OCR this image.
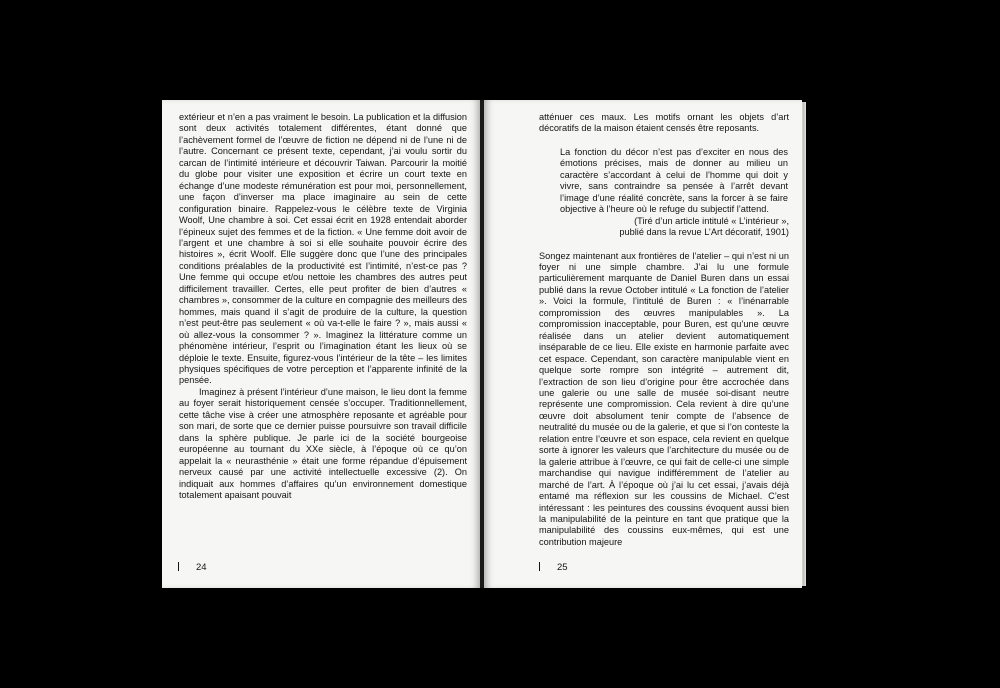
extérieur et n’en a pas vraiment le besoin. La publication et la diffusion sont deux activités totalement différentes, étant donné que l’achèvement formel de l’œuvre de fiction ne dépend ni de l’une ni de l’autre. Concernant ce présent texte, cependant, j’ai voulu sortir du carcan de l’intimité intérieure et découvrir Taiwan. Parcourir la moitié du globe pour visiter une exposition et écrire un court texte en échange d’une modeste rémunération est pour moi, personnellement, une façon d’inverser ma place imaginaire au sein de cette configuration binaire. Rappelez-vous le célèbre texte de Virginia Woolf, Une chambre à soi. Cet essai écrit en 1928 entendait aborder l’épineux sujet des femmes et de la fiction. « Une femme doit avoir de l’argent et une chambre à soi si elle souhaite pouvoir écrire des histoires », écrit Woolf. Elle suggère donc que l’une des principales conditions préalables de la productivité est l’intimité, n’est-ce pas ? Une femme qui occupe et/ou nettoie les chambres des autres peut difficilement travailler. Certes, elle peut profiter de bien d’autres « chambres », consommer de la culture en compagnie des meilleurs des hommes, mais quand il s’agit de produire de la culture, la question n’est peut-être pas seulement « où va-t-elle le faire ? », mais aussi « où allez-vous la consommer ? ». Imaginez la littérature comme un phénomène intérieur, l’esprit ou l’imagination étant les lieux où se déploie le texte. Ensuite, figurez-vous l’intérieur de la tête – les limites physiques spécifiques de votre perception et l’apparente infinité de la pensée.

Imaginez à présent l’intérieur d’une maison, le lieu dont la femme au foyer serait historiquement censée s’occuper. Traditionnellement, cette tâche vise à créer une atmosphère reposante et agréable pour son mari, de sorte que ce dernier puisse poursuivre son travail difficile dans la sphère publique. Je parle ici de la société bourgeoise européenne au tournant du XXe siècle, à l’époque où ce qu’on appelait la « neurasthénie » était une forme répandue d’épuisement nerveux causé par une activité intellectuelle excessive (2). On indiquait aux hommes d’affaires qu’un environnement domestique totalement apaisant pouvait

24

atténuer ces maux. Les motifs ornant les objets d’art décoratifs de la maison étaient censés être reposants.

La fonction du décor n’est pas d’exciter en nous des émotions précises, mais de donner au milieu un caractère s’accordant à celui de l’homme qui doit y vivre, sans contraindre sa pensée à l’arrêt devant l’image d’une réalité concrète, sans la forcer à se faire objective à l’heure où le refuge du subjectif l’attend.

(Tiré d’un article intitulé « L’intérieur »,

publié dans la revue L’Art décoratif, 1901)

Songez maintenant aux frontières de l’atelier – qui n’est ni un foyer ni une simple chambre. J’ai lu une formule particulièrement marquante de Daniel Buren dans un essai publié dans la revue October intitulé « La fonction de l’atelier ». Voici la formule, l’intitulé de Buren : « l’inénarrable compromission des œuvres manipulables ». La compromission inacceptable, pour Buren, est qu’une œuvre réalisée dans un atelier devient automatiquement inséparable de ce lieu. Elle existe en harmonie parfaite avec cet espace. Cependant, son caractère manipulable vient en quelque sorte rompre son intégrité – autrement dit, l’extraction de son lieu d’origine pour être accrochée dans une galerie ou une salle de musée soi-disant neutre représente une compromission. Cela revient à dire qu’une œuvre doit absolument tenir compte de l’absence de neutralité du musée ou de la galerie, et que si l’on conteste la relation entre l’œuvre et son espace, cela revient en quelque sorte à ignorer les valeurs que l’architecture du musée ou de la galerie attribue à l’œuvre, ce qui fait de celle-ci une simple marchandise qui navigue indifféremment de l’atelier au marché de l’art. À l’époque où j’ai lu cet essai, j’avais déjà entamé ma réflexion sur les coussins de Michael. C’est intéressant : les peintures des coussins évoquent aussi bien la manipulabilité de la peinture en tant que pratique que la manipulabilité des coussins eux-mêmes, qui est une contribution majeure

25
